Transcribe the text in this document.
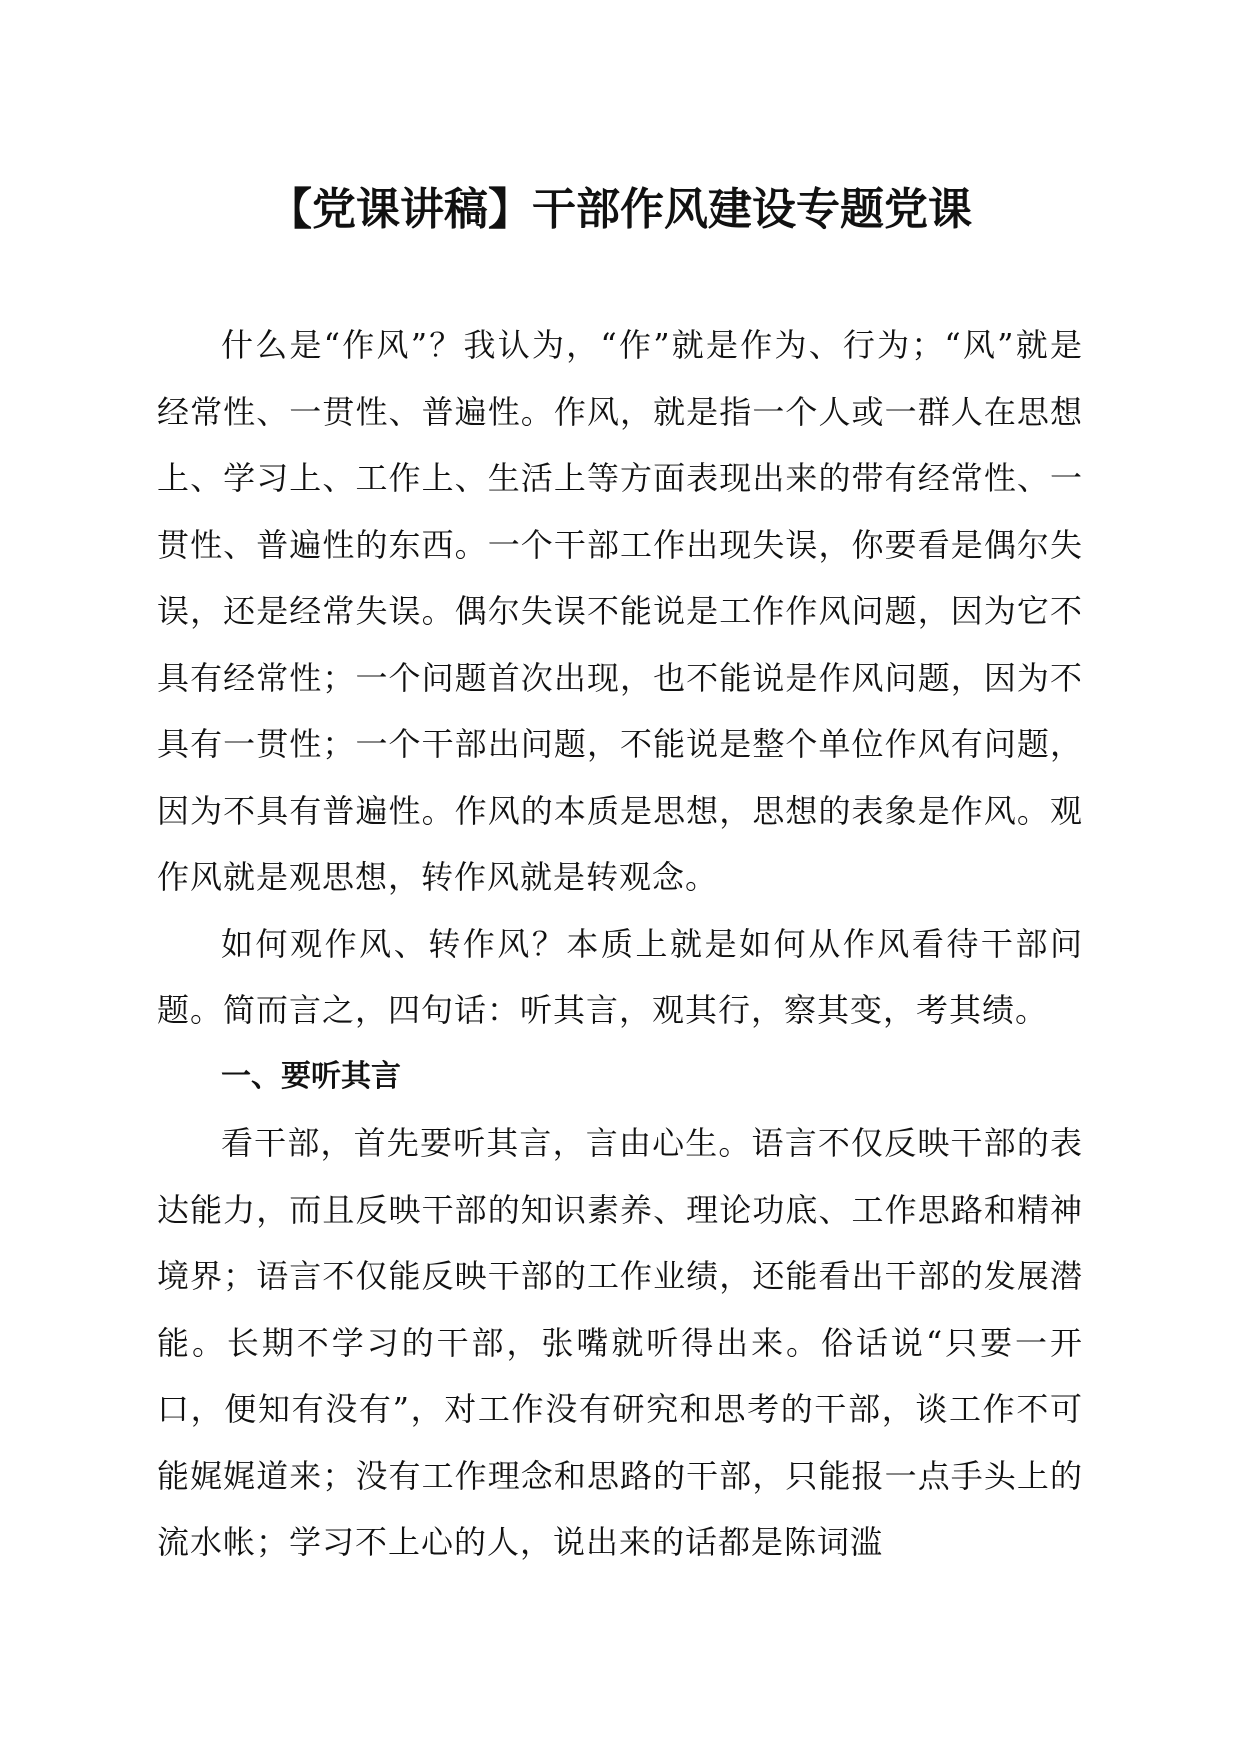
【党课讲稿】干部作风建设专题党课

什么是“作风”？我认为，“作”就是作为、行为；“风”就是经常性、一贯性、普遍性。作风，就是指一个人或一群人在思想上、学习上、工作上、生活上等方面表现出来的带有经常性、一贯性、普遍性的东西。一个干部工作出现失误，你要看是偶尔失误，还是经常失误。偶尔失误不能说是工作作风问题，因为它不具有经常性；一个问题首次出现，也不能说是作风问题，因为不具有一贯性；一个干部出问题，不能说是整个单位作风有问题，因为不具有普遍性。作风的本质是思想，思想的表象是作风。观作风就是观思想，转作风就是转观念。

如何观作风、转作风？本质上就是如何从作风看待干部问题。简而言之，四句话：听其言，观其行，察其变，考其绩。

一、要听其言

看干部，首先要听其言，言由心生。语言不仅反映干部的表达能力，而且反映干部的知识素养、理论功底、工作思路和精神境界；语言不仅能反映干部的工作业绩，还能看出干部的发展潜能。长期不学习的干部，张嘴就听得出来。俗话说“只要一开口，便知有没有”，对工作没有研究和思考的干部，谈工作不可能娓娓道来；没有工作理念和思路的干部，只能报一点手头上的流水帐；学习不上心的人，说出来的话都是陈词滥
